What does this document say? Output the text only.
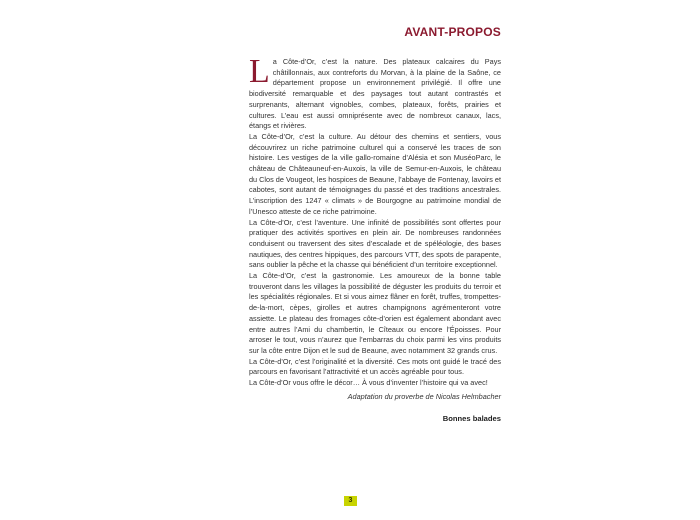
AVANT-PROPOS

La Côte-d’Or, c’est la nature. Des plateaux calcaires du Pays châtillonnais, aux contreforts du Morvan, à la plaine de la Saône, ce département propose un environnement privilégié. Il offre une biodiversité remarquable et des paysages tout autant contrastés et surprenants, alternant vignobles, combes, plateaux, forêts, prairies et cultures. L’eau est aussi omniprésente avec de nombreux canaux, lacs, étangs et rivières.

La Côte-d’Or, c’est la culture. Au détour des chemins et sentiers, vous découvrirez un riche patrimoine culturel qui a conservé les traces de son histoire. Les vestiges de la ville gallo-romaine d’Alésia et son MuséoParc, le château de Châteauneuf-en-Auxois, la ville de Semur-en-Auxois, le château du Clos de Vougeot, les hospices de Beaune, l’abbaye de Fontenay, lavoirs et cabotes, sont autant de témoignages du passé et des traditions ancestrales. L’inscription des 1247 « climats » de Bourgogne au patrimoine mondial de l’Unesco atteste de ce riche patrimoine.

La Côte-d’Or, c’est l’aventure. Une infinité de possibilités sont offertes pour pratiquer des activités sportives en plein air. De nombreuses randonnées conduisent ou traversent des sites d’escalade et de spéléologie, des bases nautiques, des centres hippiques, des parcours VTT, des spots de parapente, sans oublier la pêche et la chasse qui bénéficient d’un territoire exceptionnel.

La Côte-d’Or, c’est la gastronomie. Les amoureux de la bonne table trouveront dans les villages la possibilité de déguster les produits du terroir et les spécialités régionales. Et si vous aimez flâner en forêt, truffes, trompettes-de-la-mort, cèpes, girolles et autres champignons agrémenteront votre assiette. Le plateau des fromages côte-d’orien est également abondant avec entre autres l’Ami du chambertin, le Cîteaux ou encore l’Époisses. Pour arroser le tout, vous n’aurez que l’embarras du choix parmi les vins produits sur la côte entre Dijon et le sud de Beaune, avec notamment 32 grands crus.

La Côte-d’Or, c’est l’originalité et la diversité. Ces mots ont guidé le tracé des parcours en favorisant l’attractivité et un accès agréable pour tous.

La Côte-d’Or vous offre le décor… À vous d’inventer l’histoire qui va avec!

Adaptation du proverbe de Nicolas Helmbacher
Bonnes balades
3
